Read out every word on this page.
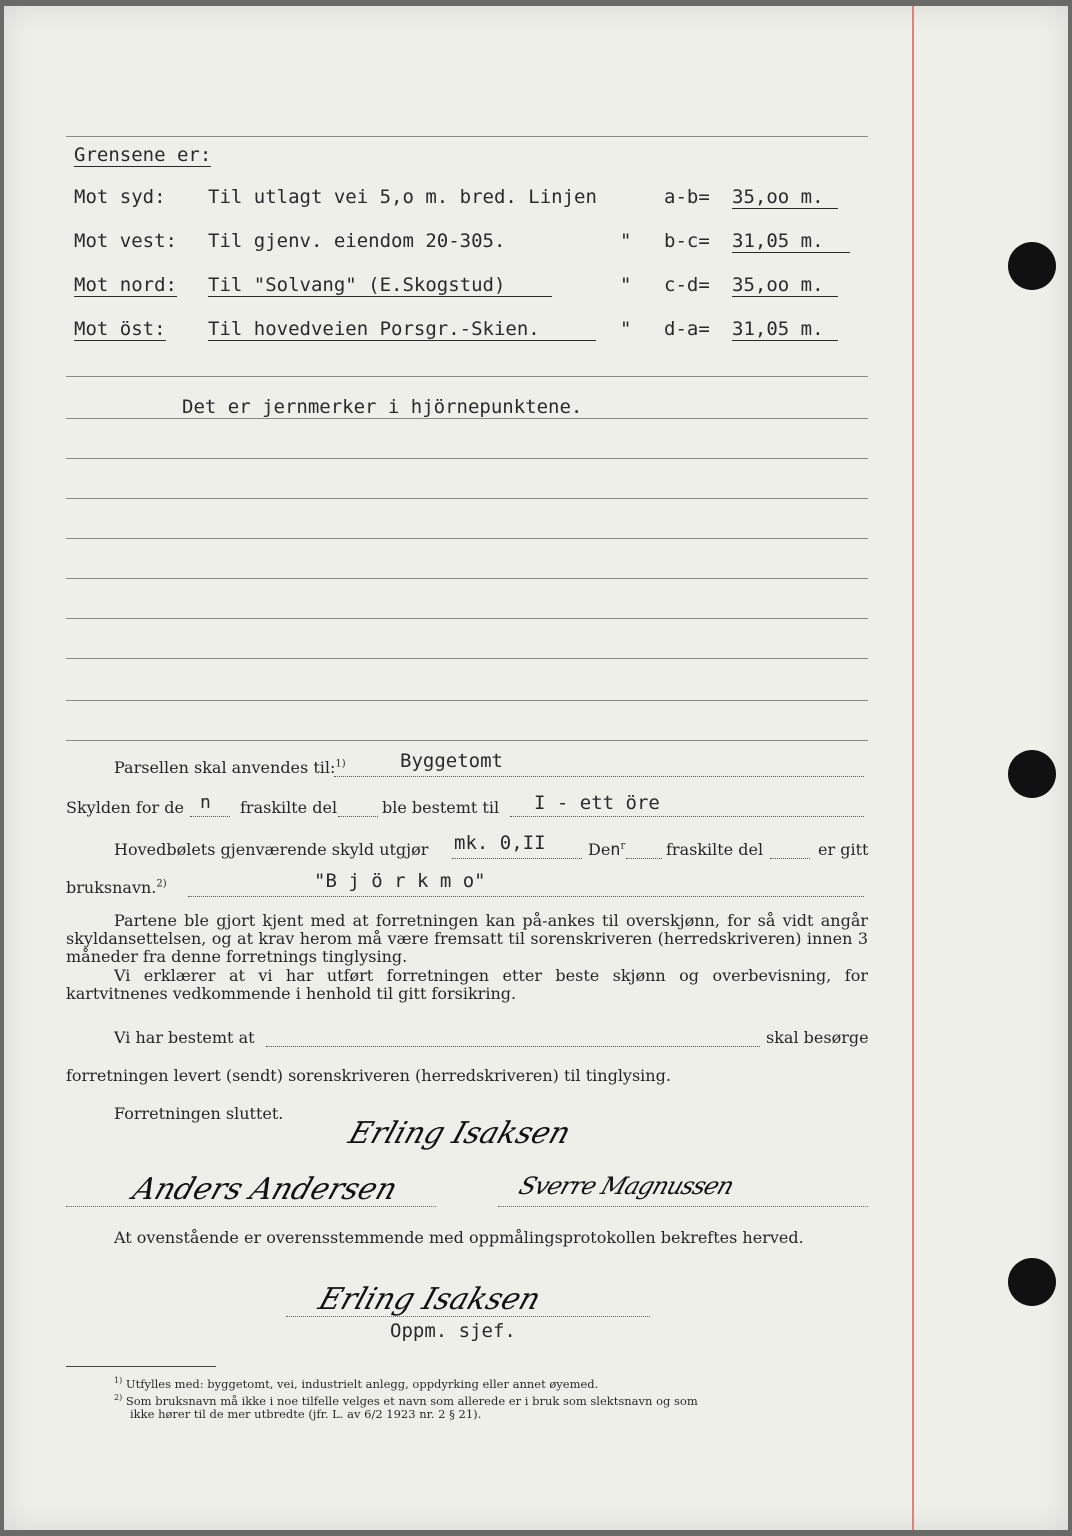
Grensene er:
Mot syd: Til utlagt vei 5,o m. bred. Linjen	a-b= 35,oo m.
Mot vest: Til gjenv. eiendom 20-305.	" b-c= 31,05 m.
Mot nord: Til "Solvang" (E.Skogstud)	" c-d= 35,oo m.
Mot öst: Til hovedveien Porsgr.-Skien.	" d-a= 31,05 m.
Det er jernmerker i hjörnepunktene.
Parsellen skal anvendes til:$^{1)}$	Byggetomt
Skylden for de n fraskilte del	ble bestemt til I - ett öre
Hovedbølets gjenværende skyld utgjør mk. 0,II	Den$^r$	fraskilte del	er gitt
bruksnavn.$^{2)}$	"B j ö r k m o"
Partene ble gjort kjent med at forretningen kan på-ankes til overskjønn, for så vidt angår skyldansettelsen, og at krav herom må være fremsatt til sorenskriveren (herredskriveren) innen 3 måneder fra denne forretnings tinglysing.
Vi erklærer at vi har utført forretningen etter beste skjønn og overbevisning, for kartvitnenes vedkommende i henhold til gitt forsikring.
Vi har bestemt at	skal besørge
forretningen levert (sendt) sorenskriveren (herredskriveren) til tinglysing.
Forretningen sluttet.
Erling Isaksen
Anders Andersen	Sverre Magnussen
At ovenstående er overensstemmende med oppmålingsprotokollen bekreftes herved.
Erling Isaksen
Oppm. sjef.
$^{1)}$ Utfylles med: byggetomt, vei, industrielt anlegg, oppdyrking eller annet øyemed.
$^{2)}$ Som bruksnavn må ikke i noe tilfelle velges et navn som allerede er i bruk som slektsnavn og som
ikke hører til de mer utbredte (jfr. L. av 6/2 1923 nr. 2 § 21).
